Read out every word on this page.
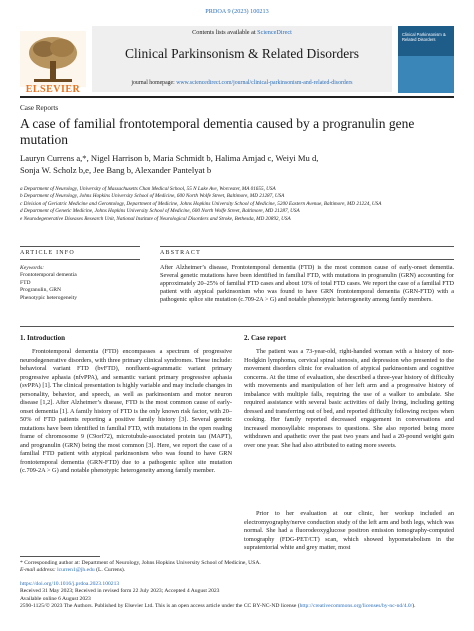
PRDOA 9 (2023) 100213
ELSEVIER
Contents lists available at ScienceDirect
Clinical Parkinsonism & Related Disorders
journal homepage: www.sciencedirect.com/journal/clinical-parkinsonism-and-related-disorders
Clinical Parkinsonism & Related Disorders
Case Reports
A case of familial frontotemporal dementia caused by a progranulin gene mutation
Lauryn Currens a,*, Nigel Harrison b, Maria Schmidt b, Halima Amjad c, Weiyi Mu d,
Sonja W. Scholz b,e, Jee Bang b, Alexander Pantelyat b
a Department of Neurology, University of Massachusetts Chan Medical School, 55 N Lake Ave, Worcester, MA 01655, USA
b Department of Neurology, Johns Hopkins University School of Medicine, 600 North Wolfe Street, Baltimore, MD 21287, USA
c Division of Geriatric Medicine and Gerontology, Department of Medicine, Johns Hopkins University School of Medicine, 5200 Eastern Avenue, Baltimore, MD 21224, USA
d Department of Genetic Medicine, Johns Hopkins University School of Medicine, 600 North Wolfe Street, Baltimore, MD 21287, USA
e Neurodegenerative Diseases Research Unit, National Institute of Neurological Disorders and Stroke, Bethesda, MD 20892, USA
ARTICLE INFO
Keywords:
Frontotemporal dementia
FTD
Progranulin, GRN
Phenotypic heterogeneity
ABSTRACT
After Alzheimer’s disease, Frontotemporal dementia (FTD) is the most common cause of early-onset dementia. Several genetic mutations have been identified in familial FTD, with mutations in progranulin (GRN) accounting for approximately 20–25% of familial FTD cases and about 10% of total FTD cases. We report the case of a familial FTD patient with atypical parkinsonism who was found to have GRN frontotemporal dementia (GRN-FTD) with a pathogenic splice site mutation (c.709-2A > G) and notable phenotypic heterogeneity among family members.
1. Introduction
Frontotemporal dementia (FTD) encompasses a spectrum of progressive neurodegenerative disorders, with three primary clinical syndromes. These include: behavioral variant FTD (bvFTD), nonfluent-agrammatic variant primary progressive aphasia (nfvPPA), and semantic variant primary progressive aphasia (svPPA) [1]. The clinical presentation is highly variable and may include changes in personality, behavior, and speech, as well as parkinsonism and motor neuron disease [1,2]. After Alzheimer’s disease, FTD is the most common cause of early-onset dementia [1]. A family history of FTD is the only known risk factor, with 20–50% of FTD patients reporting a positive family history [3]. Several genetic mutations have been identified in familial FTD, with mutations in the open reading frame of chromosome 9 (C9orf72), microtubule-associated protein tau (MAPT), and progranulin (GRN) being the most common [3]. Here, we report the case of a familial FTD patient with atypical parkinsonism who was found to have GRN frontotemporal dementia (GRN-FTD) due to a pathogenic splice site mutation (c.709-2A > G) and notable phenotypic heterogeneity among family member.
2. Case report
The patient was a 73-year-old, right-handed woman with a history of non-Hodgkin lymphoma, cervical spinal stenosis, and depression who presented to the movement disorders clinic for evaluation of atypical parkinsonism and cognitive concerns. At the time of evaluation, she described a three-year history of difficulty with movements and manipulation of her left arm and a progressive history of imbalance with multiple falls, requiring the use of a walker to ambulate. She required assistance with several basic activities of daily living, including getting dressed and transferring out of bed, and reported difficulty following recipes when cooking. Her family reported decreased engagement in conversations and increased monosyllabic responses to questions. She also reported being more withdrawn and apathetic over the past two years and had a 20-pound weight gain over one year. She had also attributed to eating more sweets.
Prior to her evaluation at our clinic, her workup included an electromyography/nerve conduction study of the left arm and both legs, which was normal. She had a fluorodeoxyglucose positron emission tomography-computed tomography (FDG-PET/CT) scan, which showed hypometabolism in the supratentorial white and grey matter, most
* Corresponding author at: Department of Neurology, Johns Hopkins University School of Medicine, USA.
E-mail address: lcurren1@jh.edu (L. Currens).
https://doi.org/10.1016/j.prdoa.2023.100213
Received 31 May 2023; Received in revised form 22 July 2023; Accepted 4 August 2023
Available online 6 August 2023
2590-1125/© 2023 The Authors. Published by Elsevier Ltd. This is an open access article under the CC BY-NC-ND license (http://creativecommons.org/licenses/by-nc-nd/4.0/).
